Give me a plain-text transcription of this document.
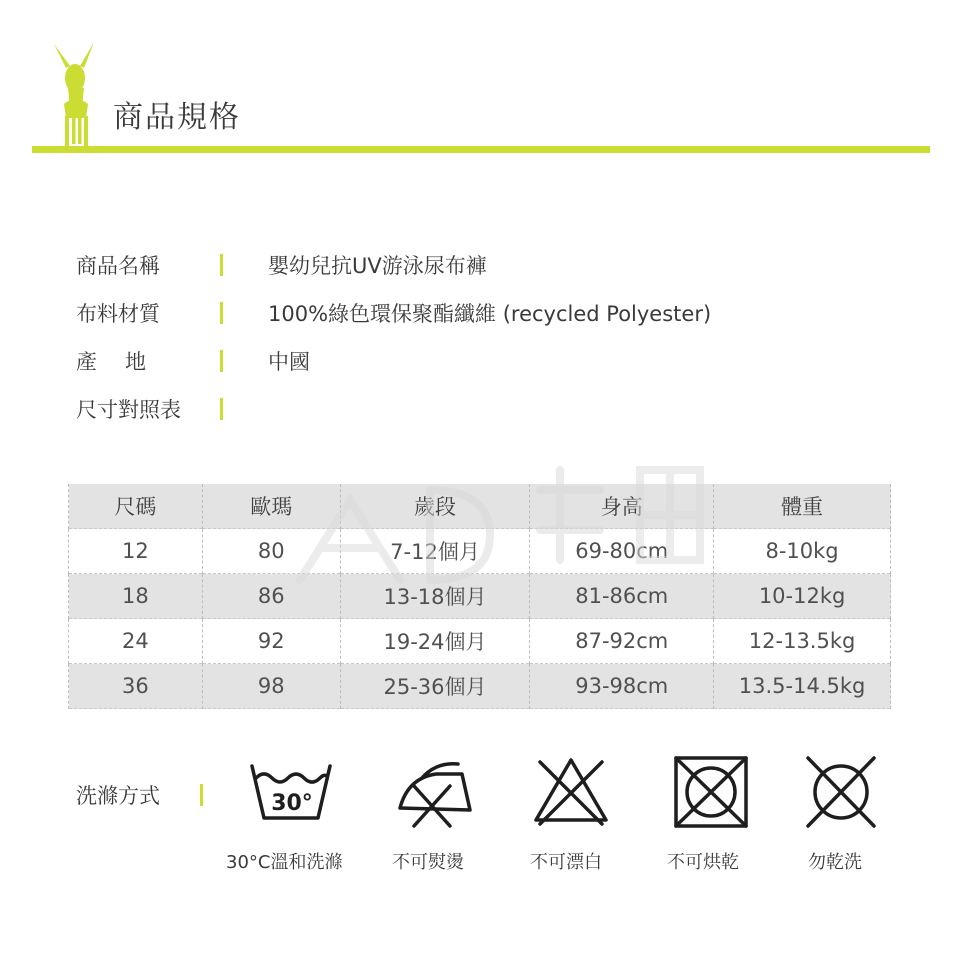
商品規格
商品名稱	嬰幼兒抗UV游泳尿布褲
布料材質	100%綠色環保聚酯纖維 (recycled Polyester)
產地	中國
尺寸對照表
尺碼	歐瑪	歲段	身高	體重
12	80	7-12個月	69-80cm	8-10kg
18	86	13-18個月	81-86cm	10-12kg
24	92	19-24個月	87-92cm	12-13.5kg
36	98	25-36個月	93-98cm	13.5-14.5kg
洗滌方式	30°
30°C溫和洗滌	不可熨燙	不可漂白	不可烘乾	勿乾洗
